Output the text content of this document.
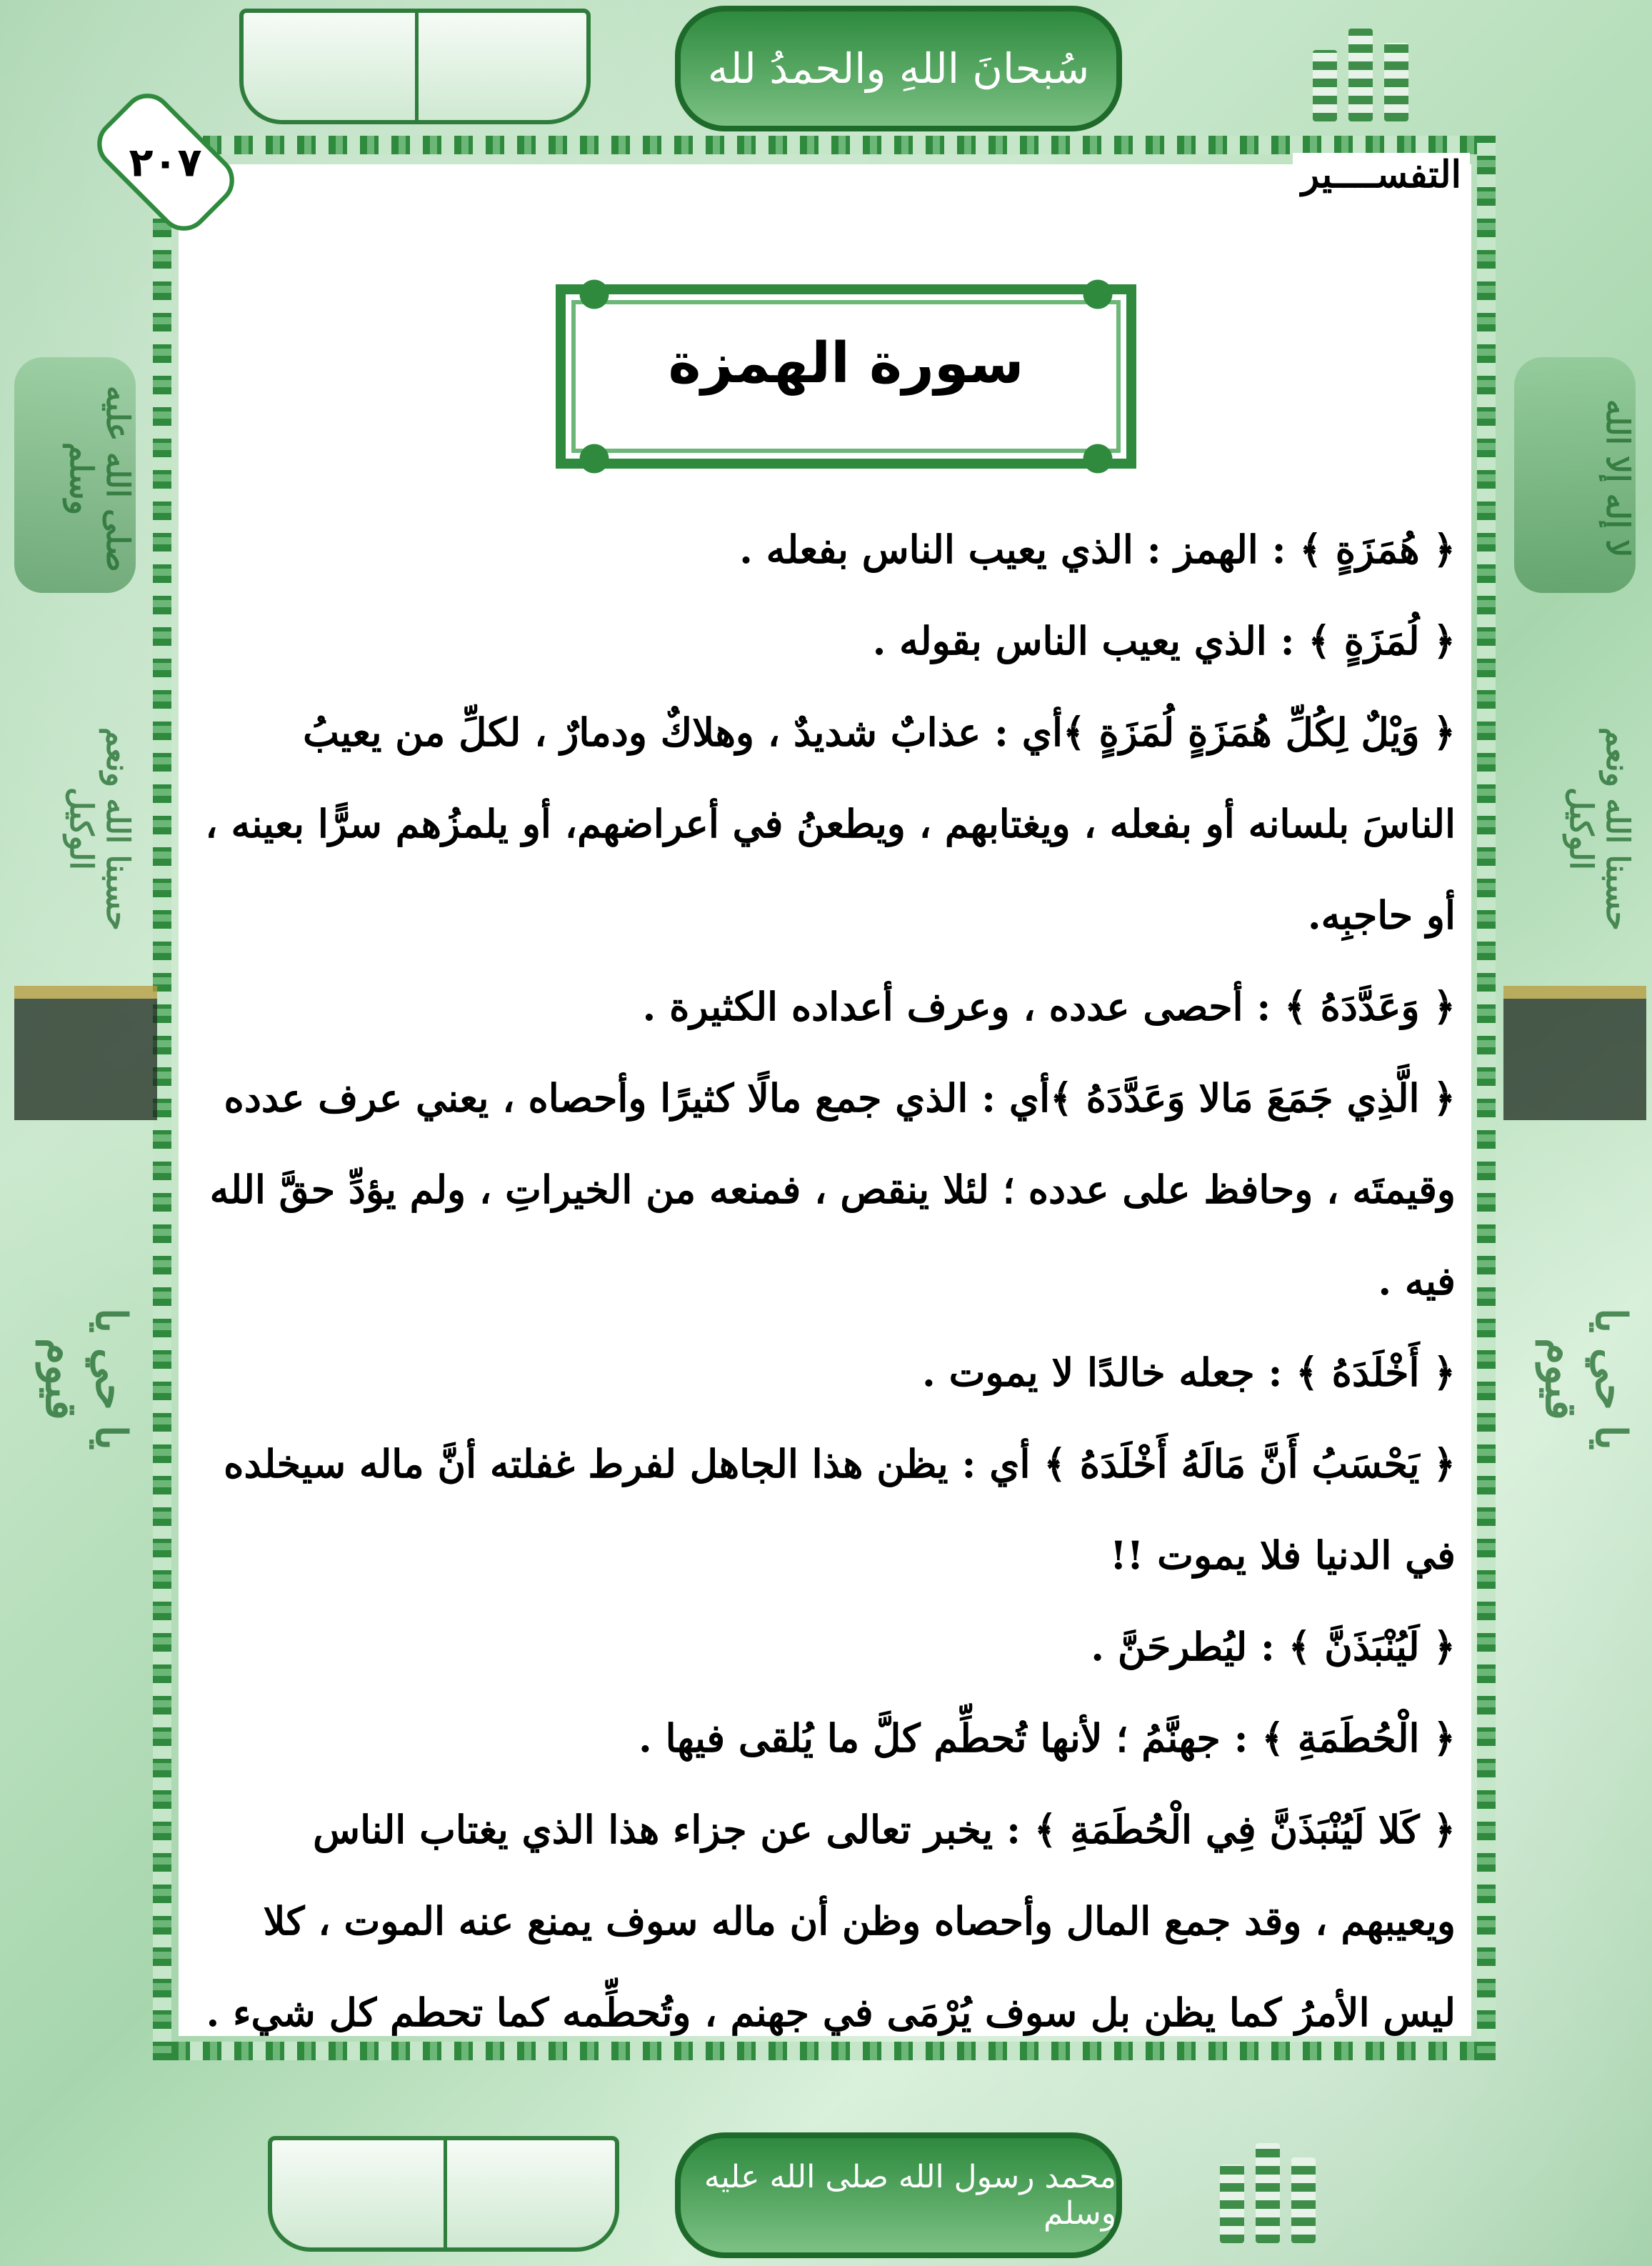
سُبحانَ اللهِ والحمدُ لله
محمد رسول الله صلى الله عليه وسلم
صلى الله عليه وسلم
حسبنا الله ونعم الوكيل
يا حي يا قيوم
لا إله إلا الله
حسبنا الله ونعم الوكيل
يا حي يا قيوم
٢٠٧	التفســــير
سورة الهمزة

﴿ هُمَزَةٍ ﴾ : الهمز : الذي يعيب الناس بفعله .

﴿ لُمَزَةٍ ﴾ : الذي يعيب الناس بقوله .

﴿ وَيْلٌ لِكُلِّ هُمَزَةٍ لُمَزَةٍ ﴾أي : عذابٌ شديدٌ ، وهلاكٌ ودمارٌ ، لكلِّ من يعيبُ الناسَ بلسانه أو بفعله ، ويغتابهم ، ويطعنُ في أعراضهم، أو يلمزُهم سرًّا بعينه ، أو حاجبِه.

﴿ وَعَدَّدَهُ ﴾ : أحصى عدده ، وعرف أعداده الكثيرة .

﴿ الَّذِي جَمَعَ مَالا وَعَدَّدَهُ ﴾أي : الذي جمع مالًا كثيرًا وأحصاه ، يعني عرف عدده وقيمتَه ، وحافظ على عدده ؛ لئلا ينقص ، فمنعه من الخيراتِ ، ولم يؤدِّ حقَّ الله فيه .

﴿ أَخْلَدَهُ ﴾ : جعله خالدًا لا يموت .

﴿ يَحْسَبُ أَنَّ مَالَهُ أَخْلَدَهُ ﴾ أي : يظن هذا الجاهل لفرط غفلته أنَّ ماله سيخلده في الدنيا فلا يموت !!

﴿ لَيُنْبَذَنَّ ﴾ : ليُطرحَنَّ .

﴿ الْحُطَمَةِ ﴾ : جهنَّمُ ؛ لأنها تُحطِّم كلَّ ما يُلقى فيها .

﴿ كَلا لَيُنْبَذَنَّ فِي الْحُطَمَةِ ﴾ : يخبر تعالى عن جزاء هذا الذي يغتاب الناس ويعيبهم ، وقد جمع المال وأحصاه وظن أن ماله سوف يمنع عنه الموت ، كلا ليس الأمرُ كما يظن بل سوف يُرْمَى في جهنم ، وتُحطِّمه كما تحطم كل شيء .
